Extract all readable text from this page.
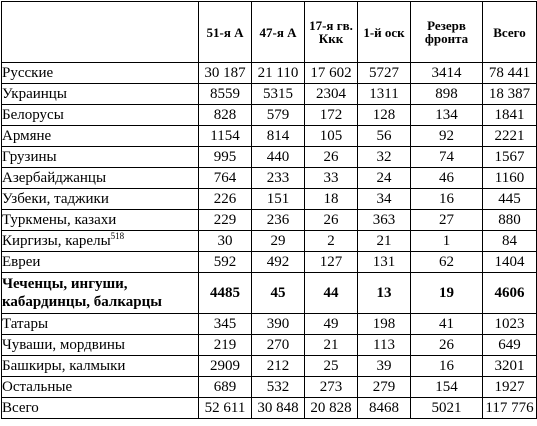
	51-я А	47-я А	17-я гв. Ккк	1-й оск	Резерв фронта	Всего
Русские	30 187	21 110	17 602	5727	3414	78 441
Украинцы	8559	5315	2304	1311	898	18 387
Белорусы	828	579	172	128	134	1841
Армяне	1154	814	105	56	92	2221
Грузины	995	440	26	32	74	1567
Азербайджанцы	764	233	33	24	46	1160
Узбеки, таджики	226	151	18	34	16	445
Туркмены, казахи	229	236	26	363	27	880
Киргизы, карелы$^{518}$	30	29	2	21	1	84
Евреи	592	492	127	131	62	1404
Чеченцы, ингуши, кабардинцы, балкарцы	4485	45	44	13	19	4606
Татары	345	390	49	198	41	1023
Чуваши, мордвины	219	270	21	113	26	649
Башкиры, калмыки	2909	212	25	39	16	3201
Остальные	689	532	273	279	154	1927
Всего	52 611	30 848	20 828	8468	5021	117 776
